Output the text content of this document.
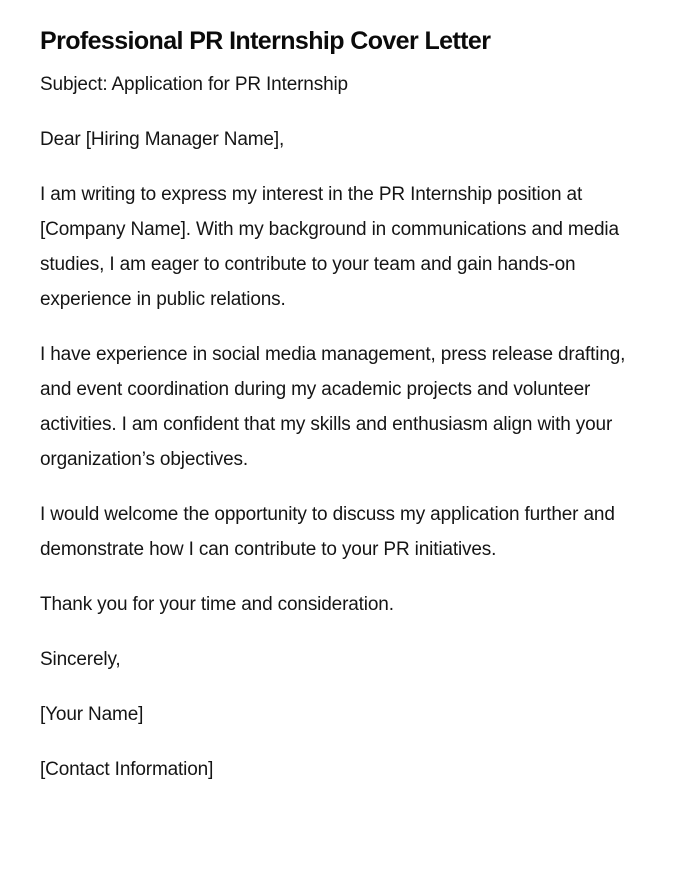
Professional PR Internship Cover Letter

Subject: Application for PR Internship

Dear [Hiring Manager Name],

I am writing to express my interest in the PR Internship position at [Company Name]. With my background in communications and media studies, I am eager to contribute to your team and gain hands-on experience in public relations.

I have experience in social media management, press release drafting, and event coordination during my academic projects and volunteer activities. I am confident that my skills and enthusiasm align with your organization’s objectives.

I would welcome the opportunity to discuss my application further and demonstrate how I can contribute to your PR initiatives.

Thank you for your time and consideration.

Sincerely,

[Your Name]

[Contact Information]
